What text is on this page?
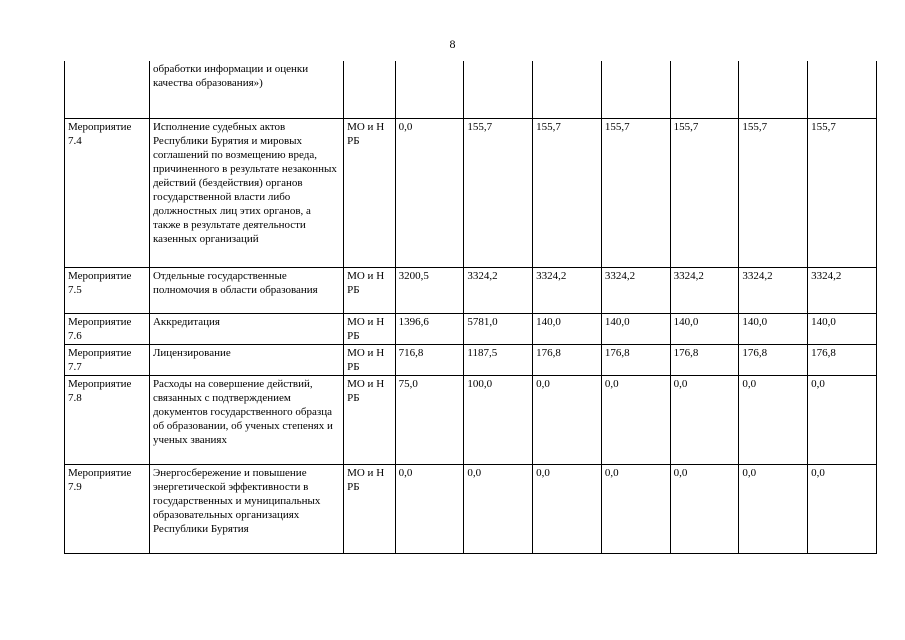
8
	обработки информации и оценки качества образования»)								
Мероприятие 7.4	Исполнение судебных актов Республики Бурятия и мировых соглашений по возмещению вреда, причиненного в результате незаконных действий (бездействия) органов государственной власти либо должностных лиц этих органов, а также в результате деятельности казенных организаций	МО и Н РБ	0,0	155,7	155,7	155,7	155,7	155,7	155,7
Мероприятие 7.5	Отдельные государственные полномочия в области образования	МО и Н РБ	3200,5	3324,2	3324,2	3324,2	3324,2	3324,2	3324,2
Мероприятие 7.6	Аккредитация	МО и Н РБ	1396,6	5781,0	140,0	140,0	140,0	140,0	140,0
Мероприятие 7.7	Лицензирование	МО и Н РБ	716,8	1187,5	176,8	176,8	176,8	176,8	176,8
Мероприятие 7.8	Расходы на совершение действий, связанных с подтверждением документов государственного образца об образовании, об ученых степенях и ученых званиях	МО и Н РБ	75,0	100,0	0,0	0,0	0,0	0,0	0,0
Мероприятие 7.9	Энергосбережение и повышение энергетической эффективности в государственных и муниципальных образовательных организациях Республики Бурятия	МО и Н РБ	0,0	0,0	0,0	0,0	0,0	0,0	0,0
